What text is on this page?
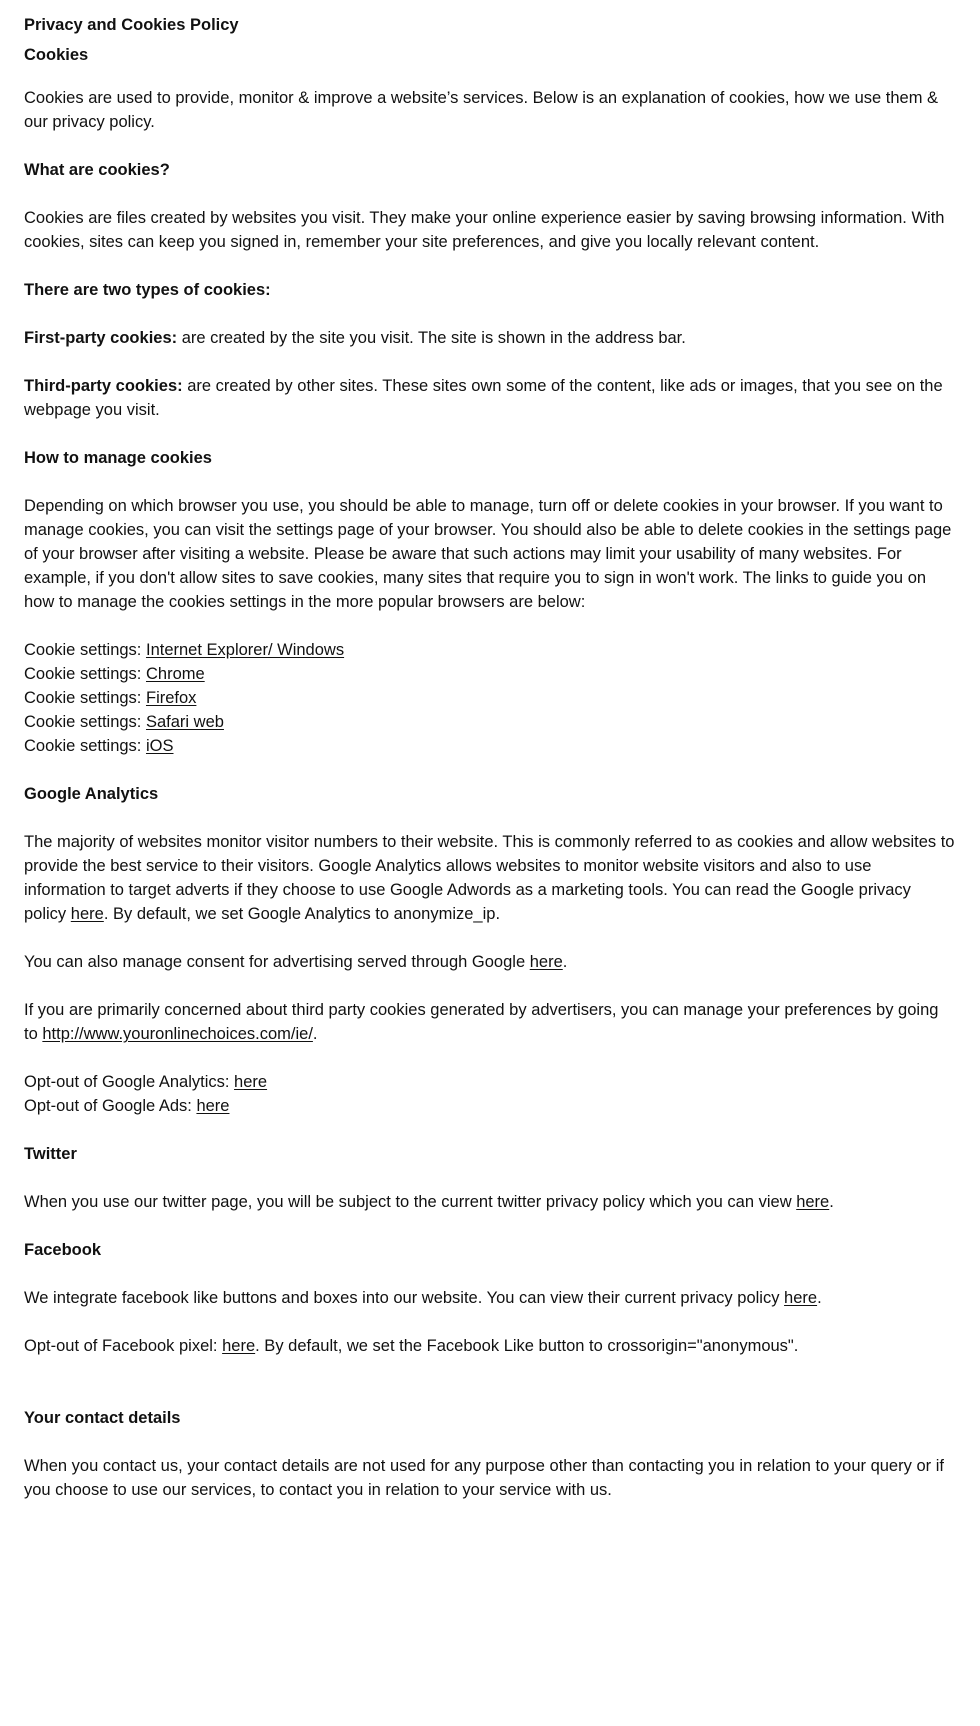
Privacy and Cookies Policy
Cookies

Cookies are used to provide, monitor & improve a website’s services. Below is an explanation of cookies, how we use them & our privacy policy.

What are cookies?

Cookies are files created by websites you visit. They make your online experience easier by saving browsing information. With cookies, sites can keep you signed in, remember your site preferences, and give you locally relevant content.

There are two types of cookies:

First-party cookies: are created by the site you visit. The site is shown in the address bar.

Third-party cookies: are created by other sites. These sites own some of the content, like ads or images, that you see on the webpage you visit.

How to manage cookies

Depending on which browser you use, you should be able to manage, turn off or delete cookies in your browser. If you want to manage cookies, you can visit the settings page of your browser. You should also be able to delete cookies in the settings page of your browser after visiting a website. Please be aware that such actions may limit your usability of many websites. For example, if you don't allow sites to save cookies, many sites that require you to sign in won't work. The links to guide you on how to manage the cookies settings in the more popular browsers are below:

Cookie settings: Internet Explorer/ Windows
Cookie settings: Chrome
Cookie settings: Firefox
Cookie settings: Safari web
Cookie settings: iOS
Google Analytics

The majority of websites monitor visitor numbers to their website. This is commonly referred to as cookies and allow websites to provide the best service to their visitors. Google Analytics allows websites to monitor website visitors and also to use information to target adverts if they choose to use Google Adwords as a marketing tools. You can read the Google privacy policy here. By default, we set Google Analytics to anonymize_ip.

You can also manage consent for advertising served through Google here.

If you are primarily concerned about third party cookies generated by advertisers, you can manage your preferences by going to http://www.youronlinechoices.com/ie/.

Opt-out of Google Analytics: here
Opt-out of Google Ads: here
Twitter

When you use our twitter page, you will be subject to the current twitter privacy policy which you can view here.

Facebook

We integrate facebook like buttons and boxes into our website. You can view their current privacy policy here.

Opt-out of Facebook pixel: here. By default, we set the Facebook Like button to crossorigin="anonymous".

Your contact details

When you contact us, your contact details are not used for any purpose other than contacting you in relation to your query or if you choose to use our services, to contact you in relation to your service with us.
